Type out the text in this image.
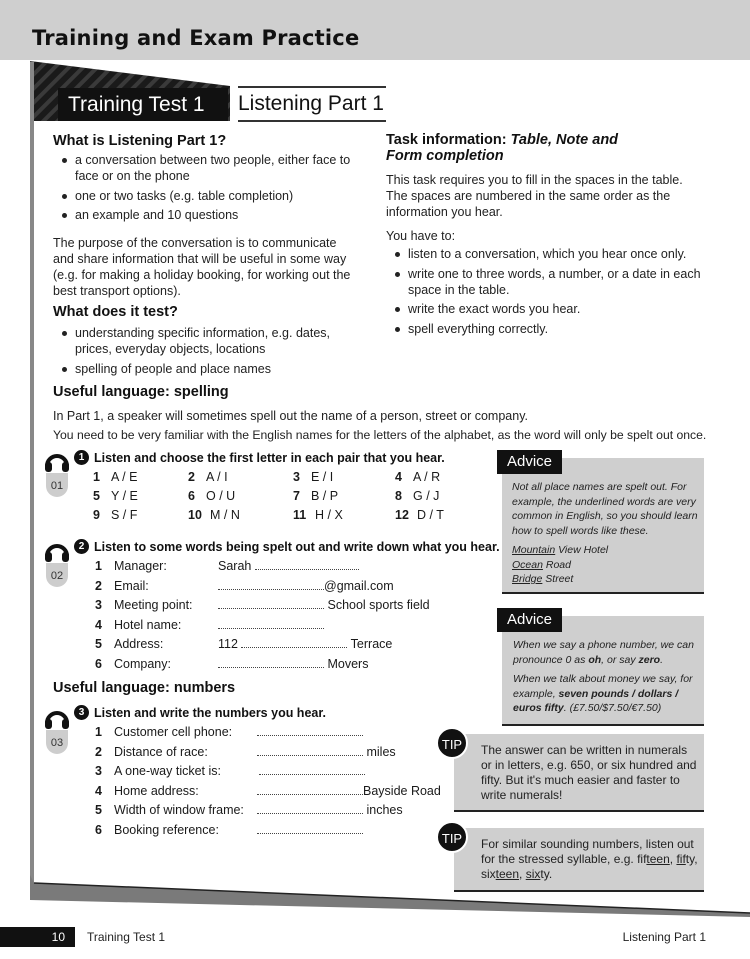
Training and Exam Practice
Training Test 1	Listening Part 1
What is Listening Part 1?
a conversation between two people, either face to face or on the phone
one or two tasks (e.g. table completion)
an example and 10 questions
The purpose of the conversation is to communicate and share information that will be useful in some way (e.g. for making a holiday booking, for working out the best transport options).
What does it test?
understanding specific information, e.g. dates, prices, everyday objects, locations
spelling of people and place names
Task information: Table, Note and Form completion
This task requires you to fill in the spaces in the table. The spaces are numbered in the same order as the information you hear.
You have to:
listen to a conversation, which you hear once only.
write one to three words, a number, or a date in each space in the table.
write the exact words you hear.
spell everything correctly.
Useful language: spelling
In Part 1, a speaker will sometimes spell out the name of a person, street or company.
You need to be very familiar with the English names for the letters of the alphabet, as the word will only be spelt out once.
01
1 Listen and choose the first letter in each pair that you hear.
1 A / E	2 A / I	3 E / I	4 A / R
5 Y / E	6 O / U	7 B / P	8 G / J
9 S / F	10 M / N	11 H / X	12 D / T
02
2 Listen to some words being spelt out and write down what you hear.
1 Manager:	Sarah
2 Email:	@gmail.com
3 Meeting point:	School sports field
4 Hotel name:
5 Address:	112	Terrace
6 Company:	Movers
Useful language: numbers
03
3 Listen and write the numbers you hear.
1 Customer cell phone:
2 Distance of race:	miles
3 A one-way ticket is:
4 Home address:	Bayside Road
5 Width of window frame:	inches
6 Booking reference:
Advice
Not all place names are spelt out. For example, the underlined words are very common in English, so you should learn how to spell words like these.
Mountain View Hotel
Ocean Road
Bridge Street
Advice
When we say a phone number, we can pronounce 0 as oh, or say zero.
When we talk about money we say, for example, seven pounds / dollars / euros fifty. (£7.50/$7.50/€7.50)
TIP	The answer can be written in numerals or in letters, e.g. 650, or six hundred and fifty. But it's much easier and faster to write numerals!
TIP	For similar sounding numbers, listen out for the stressed syllable, e.g. fifteen, fifty, sixteen, sixty.
10	Training Test 1	Listening Part 1
